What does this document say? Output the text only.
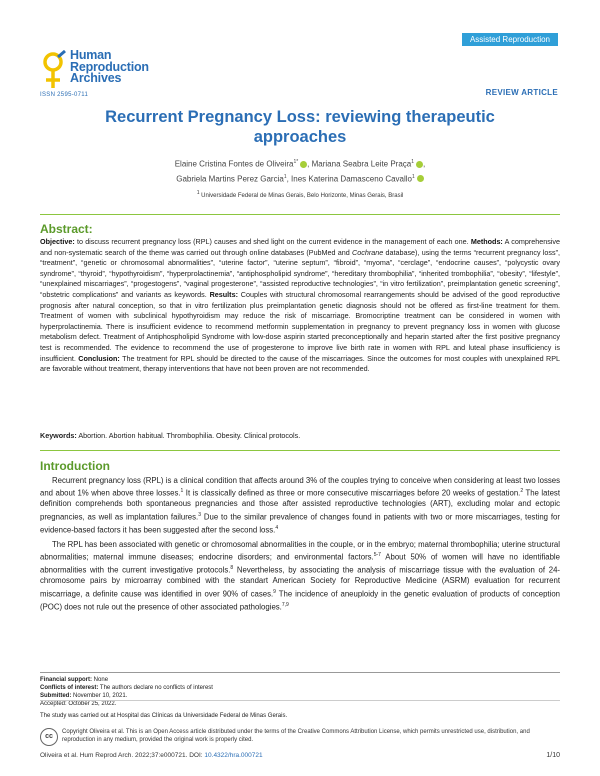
Assisted Reproduction
Human
Reproduction
Archives
ISSN 2595-0711	REVIEW ARTICLE
Recurrent Pregnancy Loss: reviewing therapeutic approaches
Elaine Cristina Fontes de Oliveira$^{1*}$ , Mariana Seabra Leite Praça$^1$ ,
Gabriela Martins Perez Garcia$^1$, Ines Katerina Damasceno Cavallo$^1$
$^1$ Universidade Federal de Minas Gerais, Belo Horizonte, Minas Gerais, Brasil
Abstract:
Objective: to discuss recurrent pregnancy loss (RPL) causes and shed light on the current evidence in the management of each one. Methods: A comprehensive and non-systematic search of the theme was carried out through online databases (PubMed and Cochrane database), using the terms “recurrent pregnancy loss”, “treatment”, “genetic or chromosomal abnormalities”, “uterine factor”, “uterine septum”, “fibroid”, “myoma”, “cerclage”, “endocrine causes”, “polycystic ovary syndrome”, “thyroid”, “hypothyroidism”, “hyperprolactinemia”, “antiphospholipid syndrome”, “hereditary thrombophilia”, “inherited trombophilia”, “obesity”, “lifestyle”, “unexplained miscarriages”, “progestogens”, “vaginal progesterone”, “assisted reproductive technologies”, “in vitro fertilization”, preimplantation genetic screening”, “obstetric complications” and variants as keywords. Results: Couples with structural chromosomal rearrangements should be advised of the good reproductive prognosis after natural conception, so that in vitro fertilization plus preimplantation genetic diagnosis should not be offered as first-line treatment for them. Treatment of women with subclinical hypothyroidism may reduce the risk of miscarriage. Bromocriptine treatment can be considered in women with hyperprolactinemia. There is insufficient evidence to recommend metformin supplementation in pregnancy to prevent pregnancy loss in women with glucose metabolism defect. Treatment of Antiphospholipid Syndrome with low-dose aspirin started preconceptionally and heparin started after the first positive pregnancy test is recommended. The evidence to recommend the use of progesterone to improve live birth rate in women with RPL and luteal phase insufficiency is insufficient. Conclusion: The treatment for RPL should be directed to the cause of the miscarriages. Since the outcomes for most couples with unexplained RPL are favorable without treatment, therapy interventions that have not been proven are not recommended.
Keywords: Abortion. Abortion habitual. Thrombophilia. Obesity. Clinical protocols.
Introduction

Recurrent pregnancy loss (RPL) is a clinical condition that affects around 3% of the couples trying to conceive when considering at least two losses and about 1% when above three losses.$^1$ It is classically defined as three or more consecutive miscarriages before 20 weeks of gestation.$^2$ The latest definition comprehends both spontaneous pregnancies and those after assisted reproductive technologies (ART), excluding molar and ectopic pregnancies, as well as implantation failures.$^3$ Due to the similar prevalence of changes found in patients with two or more miscarriages, testing for evidence-based factors it has been suggested after the second loss.$^4$

The RPL has been associated with genetic or chromosomal abnormalities in the couple, or in the embryo; maternal thrombophilia; uterine structural abnormalities; maternal immune diseases; endocrine disorders; and environmental factors.$^{5-7}$ About 50% of women will have no identifiable abnormalities with the current investigative protocols.$^8$ Nevertheless, by associating the analysis of miscarriage tissue with the evaluation of 24-chromosome pairs by microarray combined with the standart American Society for Reproductive Medicine (ASRM) evaluation for recurrent miscarriage, a definite cause was identified in over 90% of cases.$^9$ The incidence of aneuploidy in the genetic evaluation of products of conception (POC) does not rule out the presence of other associated pathologies.$^{7,9}$

Financial support: None
Conflicts of interest: The authors declare no conflicts of interest
Submitted: November 10, 2021.
Accepted: October 25, 2022.
The study was carried out at Hospital das Clínicas da Universidade Federal de Minas Gerais.
cc
Copyright Oliveira et al. This is an Open Access article distributed under the terms of the Creative Commons Attribution License, which permits unrestricted use, distribution, and reproduction in any medium, provided the original work is properly cited.
Oliveira et al. Hum Reprod Arch. 2022;37:e000721. DOI: 10.4322/hra.000721	1/10
